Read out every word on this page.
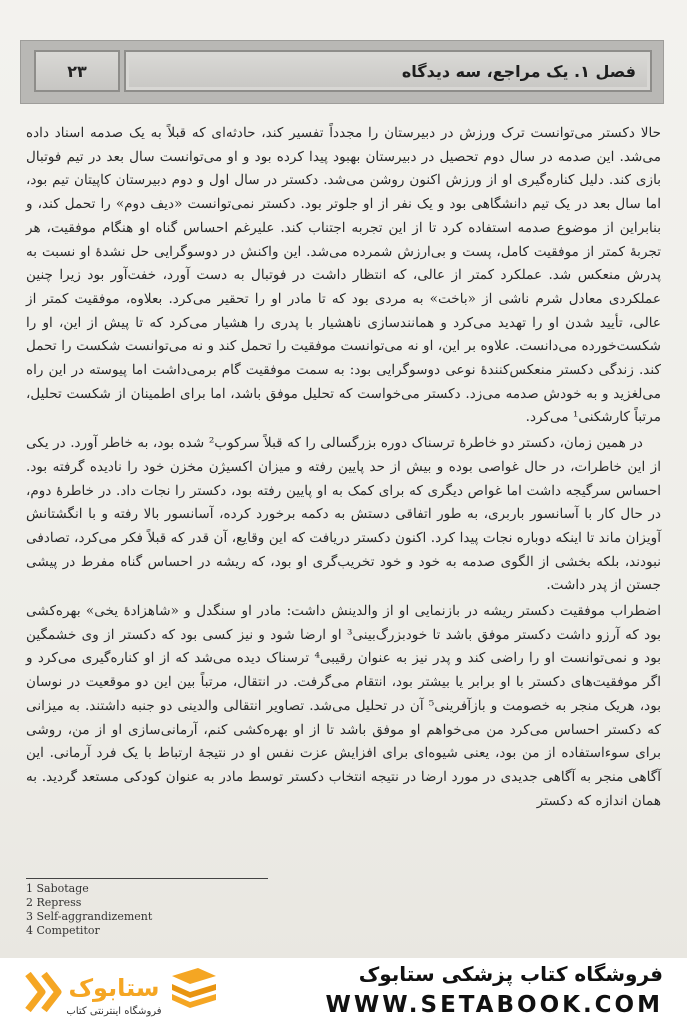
۲۳	فصل ۱. یک مراجع، سه دیدگاه

حالا دکستر می‌توانست ترک ورزش در دبیرستان را مجدداً تفسیر کند، حادثه‌ای که قبلاً به یک صدمه اسناد داده می‌شد. این صدمه در سال دوم تحصیل در دبیرستان بهبود پیدا کرده بود و او می‌توانست سال بعد در تیم فوتبال بازی کند. دلیل کناره‌گیری او از ورزش اکنون روشن می‌شد. دکستر در سال اول و دوم دبیرستان کاپیتان تیم بود، اما سال بعد در یک تیم دانشگاهی بود و یک نفر از او جلوتر بود. دکستر نمی‌توانست «دیف دوم» را تحمل کند، و بنابراین از موضوع صدمه استفاده کرد تا از این تجربه اجتناب کند. علیرغم احساس گناه او هنگام موفقیت، هر تجربهٔ کمتر از موفقیت کامل، پست و بی‌ارزش شمرده می‌شد. این واکنش در دوسوگرایی حل نشدهٔ او نسبت به پدرش منعکس شد. عملکرد کمتر از عالی، که انتظار داشت در فوتبال به دست آورد، خفت‌آور بود زیرا چنین عملکردی معادل شرم ناشی از «باخت» به مردی بود که تا مادر او را تحقیر می‌کرد. بعلاوه، موفقیت کمتر از عالی، تأیید شدن او را تهدید می‌کرد و همانندسازی ناهشیار با پدری را هشیار می‌کرد که تا پیش از این، او را شکست‌خورده می‌دانست. علاوه بر این، او نه می‌توانست موفقیت را تحمل کند و نه می‌توانست شکست را تحمل کند. زندگی دکستر منعکس‌کنندهٔ نوعی دوسوگرایی بود: به سمت موفقیت گام برمی‌داشت اما پیوسته در این راه می‌لغزید و به خودش صدمه می‌زد. دکستر می‌خواست که تحلیل موفق باشد، اما برای اطمینان از شکست تحلیل، مرتباً کارشکنی¹ می‌کرد.

در همین زمان، دکستر دو خاطرهٔ ترسناک دوره بزرگسالی را که قبلاً سرکوب² شده بود، به خاطر آورد. در یکی از این خاطرات، در حال غواصی بوده و بیش از حد پایین رفته و میزان اکسیژن مخزن خود را نادیده گرفته بود. احساس سرگیجه داشت اما غواص دیگری که برای کمک به او پایین رفته بود، دکستر را نجات داد. در خاطرهٔ دوم، در حال کار با آسانسور باربری، به طور اتفاقی دستش به دکمه برخورد کرده، آسانسور بالا رفته و با انگشتانش آویزان ماند تا اینکه دوباره نجات پیدا کرد. اکنون دکستر دریافت که این وقایع، آن قدر که قبلاً فکر می‌کرد، تصادفی نبودند، بلکه بخشی از الگوی صدمه به خود و خود تخریب‌گری او بود، که ریشه در احساس گناه مفرط در پیشی جستن از پدر داشت.

اضطراب موفقیت دکستر ریشه در بازنمایی او از والدینش داشت: مادر او سنگدل و «شاهزادهٔ یخی» بهره‌کشی بود که آرزو داشت دکستر موفق باشد تا خودبزرگ‌بینی³ او ارضا شود و نیز کسی بود که دکستر از وی خشمگین بود و نمی‌توانست او را راضی کند و پدر نیز به عنوان رقیبی⁴ ترسناک دیده می‌شد که از او کناره‌گیری می‌کرد و اگر موفقیت‌های دکستر با او برابر یا بیشتر بود، انتقام می‌گرفت. در انتقال، مرتباً بین این دو موقعیت در نوسان بود، هریک منجر به خصومت و بازآفرینی⁵ آن در تحلیل می‌شد. تصاویر انتقالی والدینی دو جنبه داشتند. به میزانی که دکستر احساس می‌کرد من می‌خواهم او موفق باشد تا از او بهره‌کشی کنم، آرمانی‌سازی او از من، روشی برای سوءاستفاده از من بود، یعنی شیوه‌ای برای افزایش عزت نفس او در نتیجهٔ ارتباط با یک فرد آرمانی. این آگاهی منجر به آگاهی جدیدی در مورد ارضا در نتیجه انتخاب دکستر توسط مادر به عنوان کودکی مستعد گردید. به همان اندازه که دکستر

1 Sabotage
2 Repress
3 Self-aggrandizement
4 Competitor
ستابوک
فروشگاه اینترنتی کتاب
فروشگاه کتاب پزشکی ستابوک
WWW.SETABOOK.COM
